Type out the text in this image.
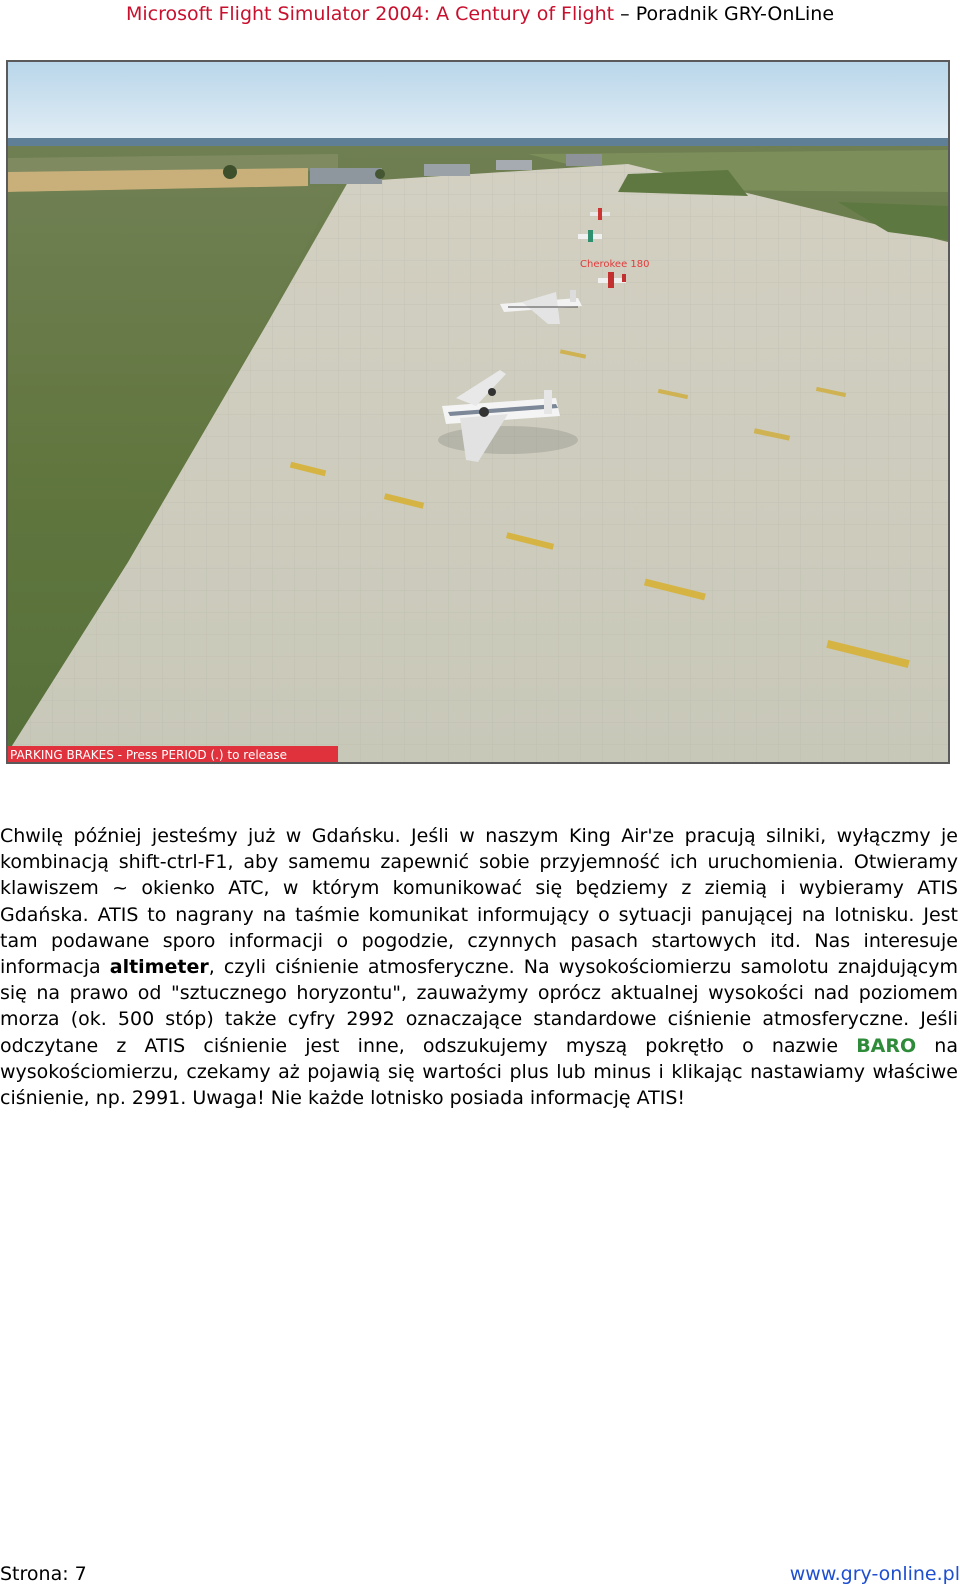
Microsoft Flight Simulator 2004: A Century of Flight – Poradnik GRY-OnLine
Cherokee 180
PARKING BRAKES - Press PERIOD (.) to release

Chwilę później jesteśmy już w Gdańsku. Jeśli w naszym King Air'ze pracują silniki, wyłączmy je kombinacją shift-ctrl-F1, aby samemu zapewnić sobie przyjemność ich uruchomienia. Otwieramy klawiszem ~ okienko ATC, w którym komunikować się będziemy z ziemią i wybieramy ATIS Gdańska. ATIS to nagrany na taśmie komunikat informujący o sytuacji panującej na lotnisku. Jest tam podawane sporo informacji o pogodzie, czynnych pasach startowych itd. Nas interesuje informacja altimeter, czyli ciśnienie atmosferyczne. Na wysokościomierzu samolotu znajdującym się na prawo od "sztucznego horyzontu", zauważymy oprócz aktualnej wysokości nad poziomem morza (ok. 500 stóp) także cyfry 2992 oznaczające standardowe ciśnienie atmosferyczne. Jeśli odczytane z ATIS ciśnienie jest inne, odszukujemy myszą pokrętło o nazwie BARO na wysokościomierzu, czekamy aż pojawią się wartości plus lub minus i klikając nastawiamy właściwe ciśnienie, np. 2991. Uwaga! Nie każde lotnisko posiada informację ATIS!

Strona: 7	www.gry-online.pl
